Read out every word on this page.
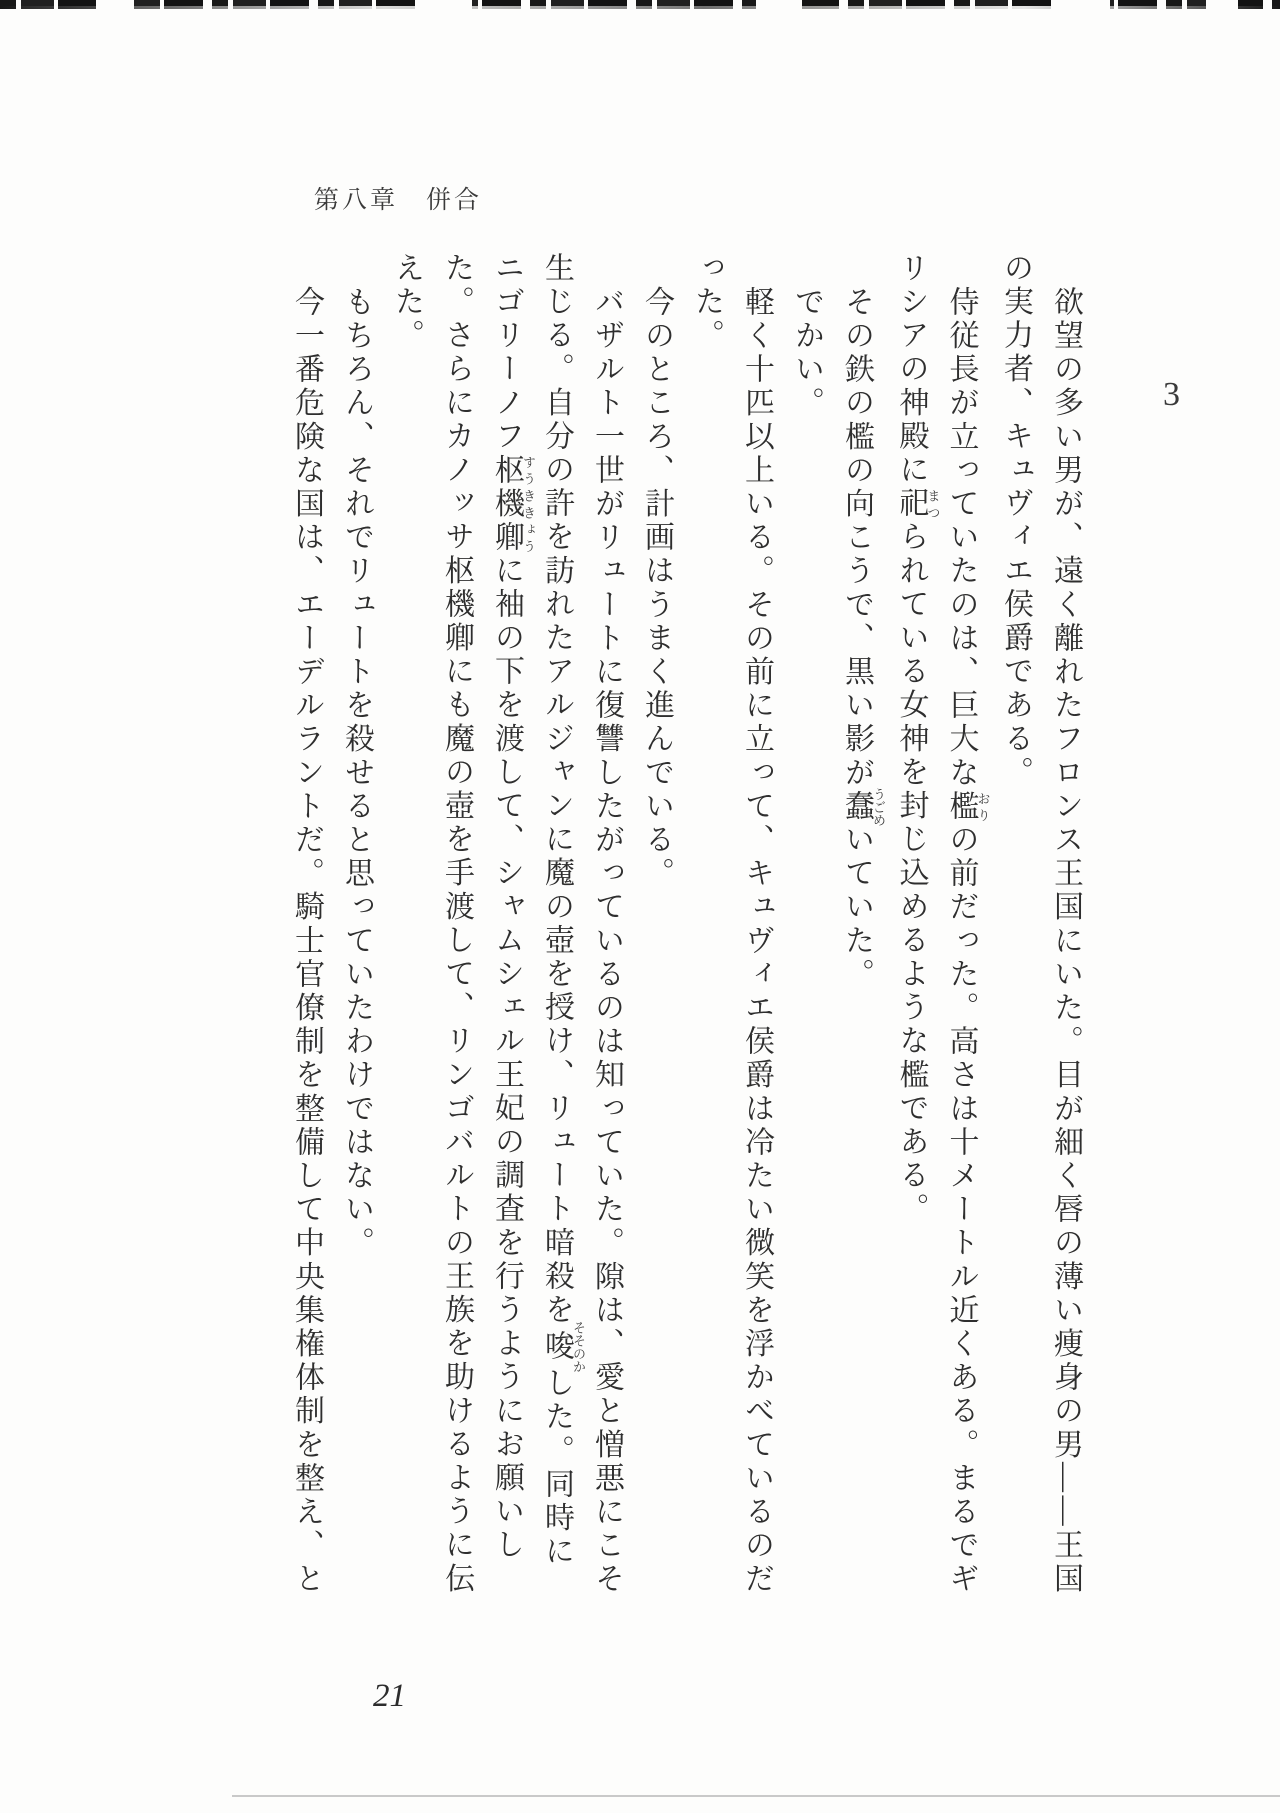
第八章　併合
3

欲望の多い男が、遠く離れたフロンス王国にいた。目が細く唇の薄い痩身の男——王国の実力者、キュヴィエ侯爵である。

侍従長が立っていたのは、巨大な檻おりの前だった。高さは十メートル近くある。まるでギリシアの神殿に祀まつられている女神を封じ込めるような檻である。

その鉄の檻の向こうで、黒い影が蠢うごめいていた。

でかい。

軽く十匹以上いる。その前に立って、キュヴィエ侯爵は冷たい微笑を浮かべているのだった。

今のところ、計画はうまく進んでいる。

バザルト一世がリュートに復讐したがっているのは知っていた。隙は、愛と憎悪にこそ生じる。自分の許を訪れたアルジャンに魔の壺を授け、リュート暗殺を唆そそのかした。同時にニゴリーノフ枢機卿すうききょうに袖の下を渡して、シャムシェル王妃の調査を行うようにお願いした。さらにカノッサ枢機卿にも魔の壺を手渡して、リンゴバルトの王族を助けるように伝えた。

もちろん、それでリュートを殺せると思っていたわけではない。

今一番危険な国は、エーデルラントだ。騎士官僚制を整備して中央集権体制を整え、と

21
